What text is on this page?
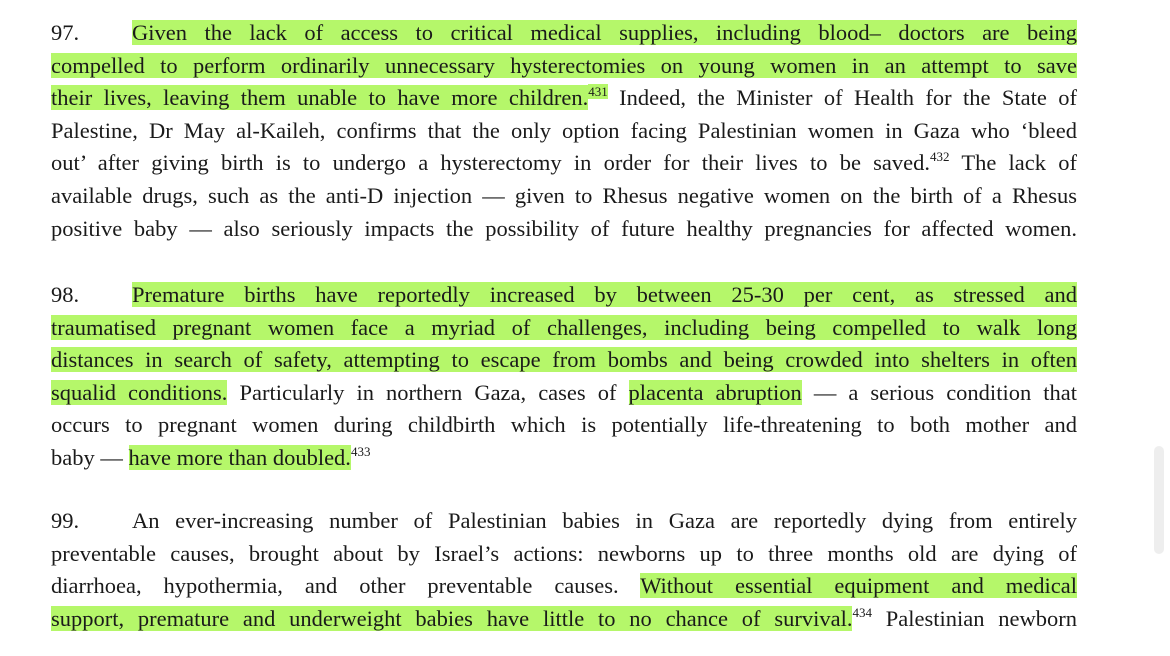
97. Given the lack of access to critical medical supplies, including blood– doctors are being
compelled to perform ordinarily unnecessary hysterectomies on young women in an attempt to save
their lives, leaving them unable to have more children.$^{431}$ Indeed, the Minister of Health for the State of
Palestine, Dr May al-Kaileh, confirms that the only option facing Palestinian women in Gaza who ‘bleed
out’ after giving birth is to undergo a hysterectomy in order for their lives to be saved.$^{432}$ The lack of
available drugs, such as the anti-D injection — given to Rhesus negative women on the birth of a Rhesus
positive baby — also seriously impacts the possibility of future healthy pregnancies for affected women.
98. Premature births have reportedly increased by between 25-30 per cent, as stressed and
traumatised pregnant women face a myriad of challenges, including being compelled to walk long
distances in search of safety, attempting to escape from bombs and being crowded into shelters in often
squalid conditions. Particularly in northern Gaza, cases of placenta abruption — a serious condition that
occurs to pregnant women during childbirth which is potentially life-threatening to both mother and
baby — have more than doubled.$^{433}$
99. An ever-increasing number of Palestinian babies in Gaza are reportedly dying from entirely
preventable causes, brought about by Israel’s actions: newborns up to three months old are dying of
diarrhoea, hypothermia, and other preventable causes. Without essential equipment and medical
support, premature and underweight babies have little to no chance of survival.$^{434}$ Palestinian newborn
